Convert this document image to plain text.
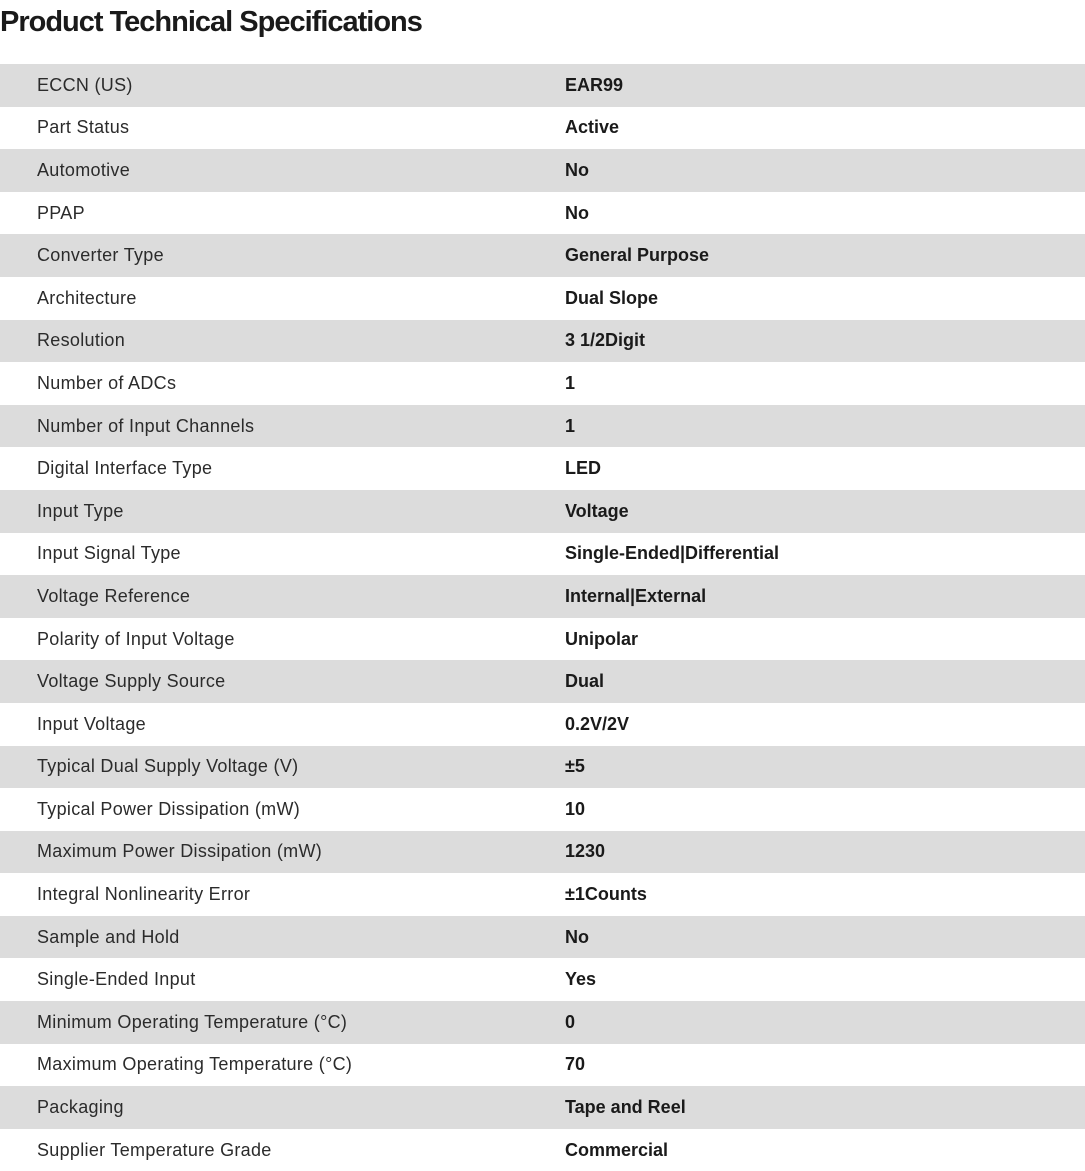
Product Technical Specifications
ECCN (US)	EAR99
Part Status	Active
Automotive	No
PPAP	No
Converter Type	General Purpose
Architecture	Dual Slope
Resolution	3 1/2Digit
Number of ADCs	1
Number of Input Channels	1
Digital Interface Type	LED
Input Type	Voltage
Input Signal Type	Single-Ended|Differential
Voltage Reference	Internal|External
Polarity of Input Voltage	Unipolar
Voltage Supply Source	Dual
Input Voltage	0.2V/2V
Typical Dual Supply Voltage (V)	±5
Typical Power Dissipation (mW)	10
Maximum Power Dissipation (mW)	1230
Integral Nonlinearity Error	±1Counts
Sample and Hold	No
Single-Ended Input	Yes
Minimum Operating Temperature (°C)	0
Maximum Operating Temperature (°C)	70
Packaging	Tape and Reel
Supplier Temperature Grade	Commercial
